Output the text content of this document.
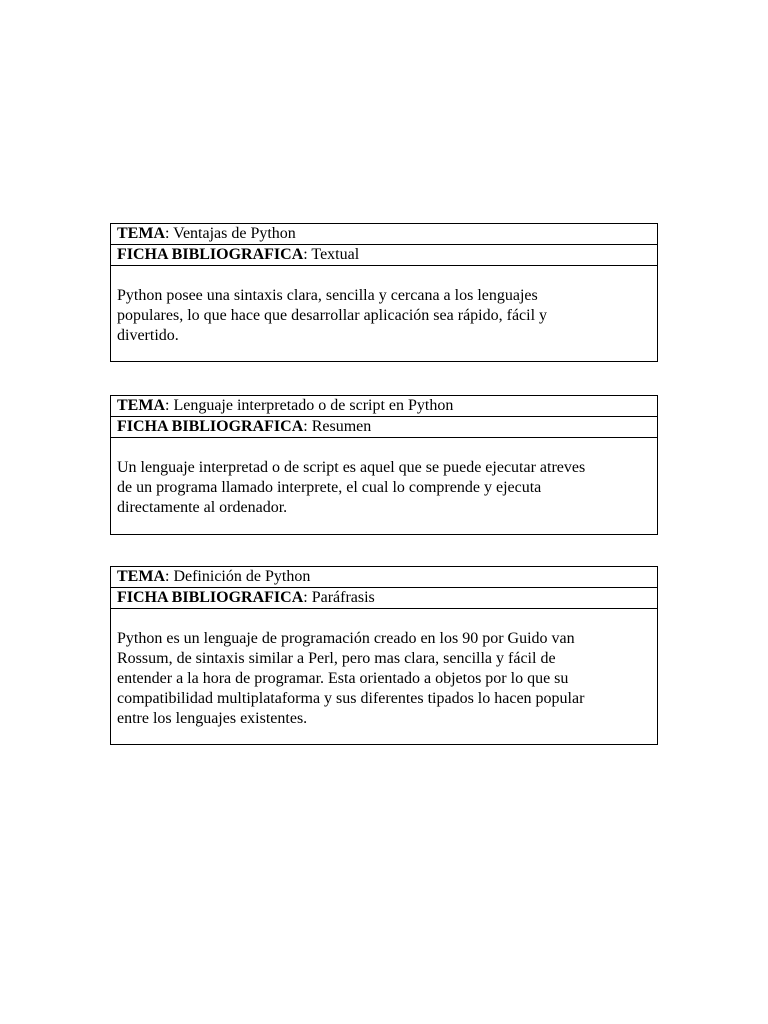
TEMA: Ventajas de Python
FICHA BIBLIOGRAFICA: Textual
Python posee una sintaxis clara, sencilla y cercana a los lenguajes
populares, lo que hace que desarrollar aplicación sea rápido, fácil y
divertido.
TEMA: Lenguaje interpretado o de script en Python
FICHA BIBLIOGRAFICA: Resumen
Un lenguaje interpretad o de script es aquel que se puede ejecutar atreves
de un programa llamado interprete, el cual lo comprende y ejecuta
directamente al ordenador.
TEMA: Definición de Python
FICHA BIBLIOGRAFICA: Paráfrasis
Python es un lenguaje de programación creado en los 90 por Guido van
Rossum, de sintaxis similar a Perl, pero mas clara, sencilla y fácil de
entender a la hora de programar. Esta orientado a objetos por lo que su
compatibilidad multiplataforma y sus diferentes tipados lo hacen popular
entre los lenguajes existentes.
